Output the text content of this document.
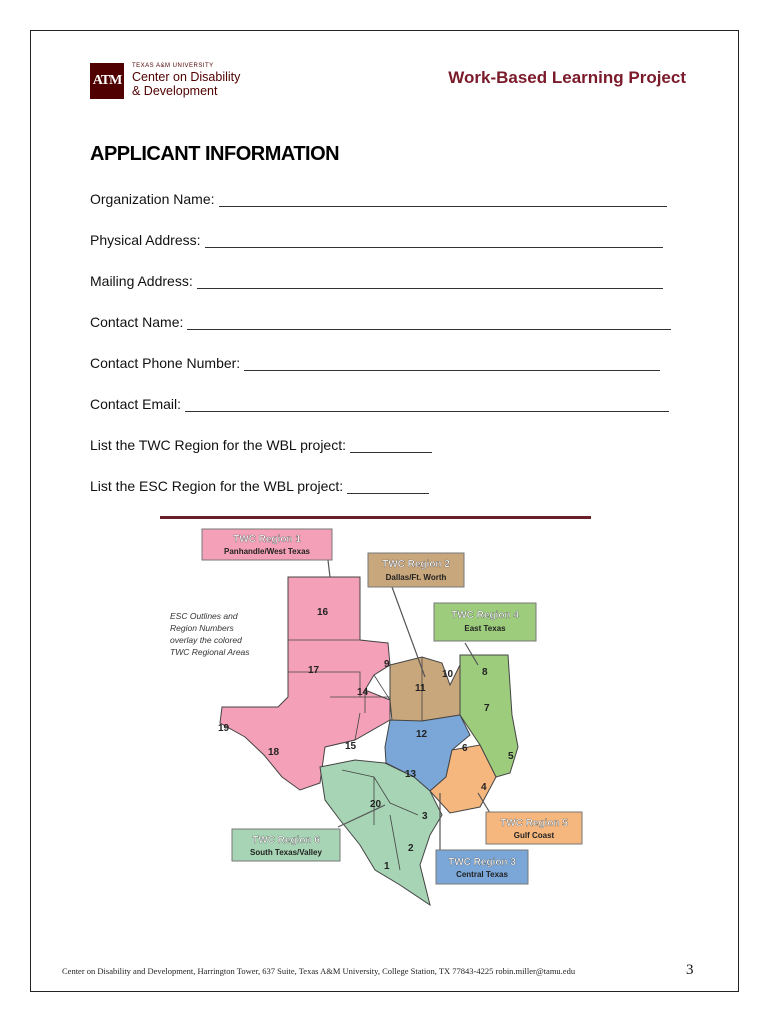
ATM
TEXAS A&M UNIVERSITY
Center on Disability
& Development
Work-Based Learning Project
APPLICANT INFORMATION
Organization Name:
Physical Address:
Mailing Address:
Contact Name:
Contact Phone Number:
Contact Email:
List the TWC Region for the WBL project:
List the ESC Region for the WBL project:
16
17
9
10	8
14	11
7
19
18
15
12
6
5
13
4
20
3
2
1
ESC Outlines and
Region Numbers
overlay the colored
TWC Regional Areas
TWC Region 1
Panhandle/West Texas
TWC Region 2
Dallas/Ft. Worth
TWC Region 4
East Texas
TWC Region 5
Gulf Coast
TWC Region 6
South Texas/Valley
TWC Region 3
Central Texas
Center on Disability and Development, Harrington Tower, 637 Suite, Texas A&M University, College Station, TX 77843-4225 robin.miller@tamu.edu	3
